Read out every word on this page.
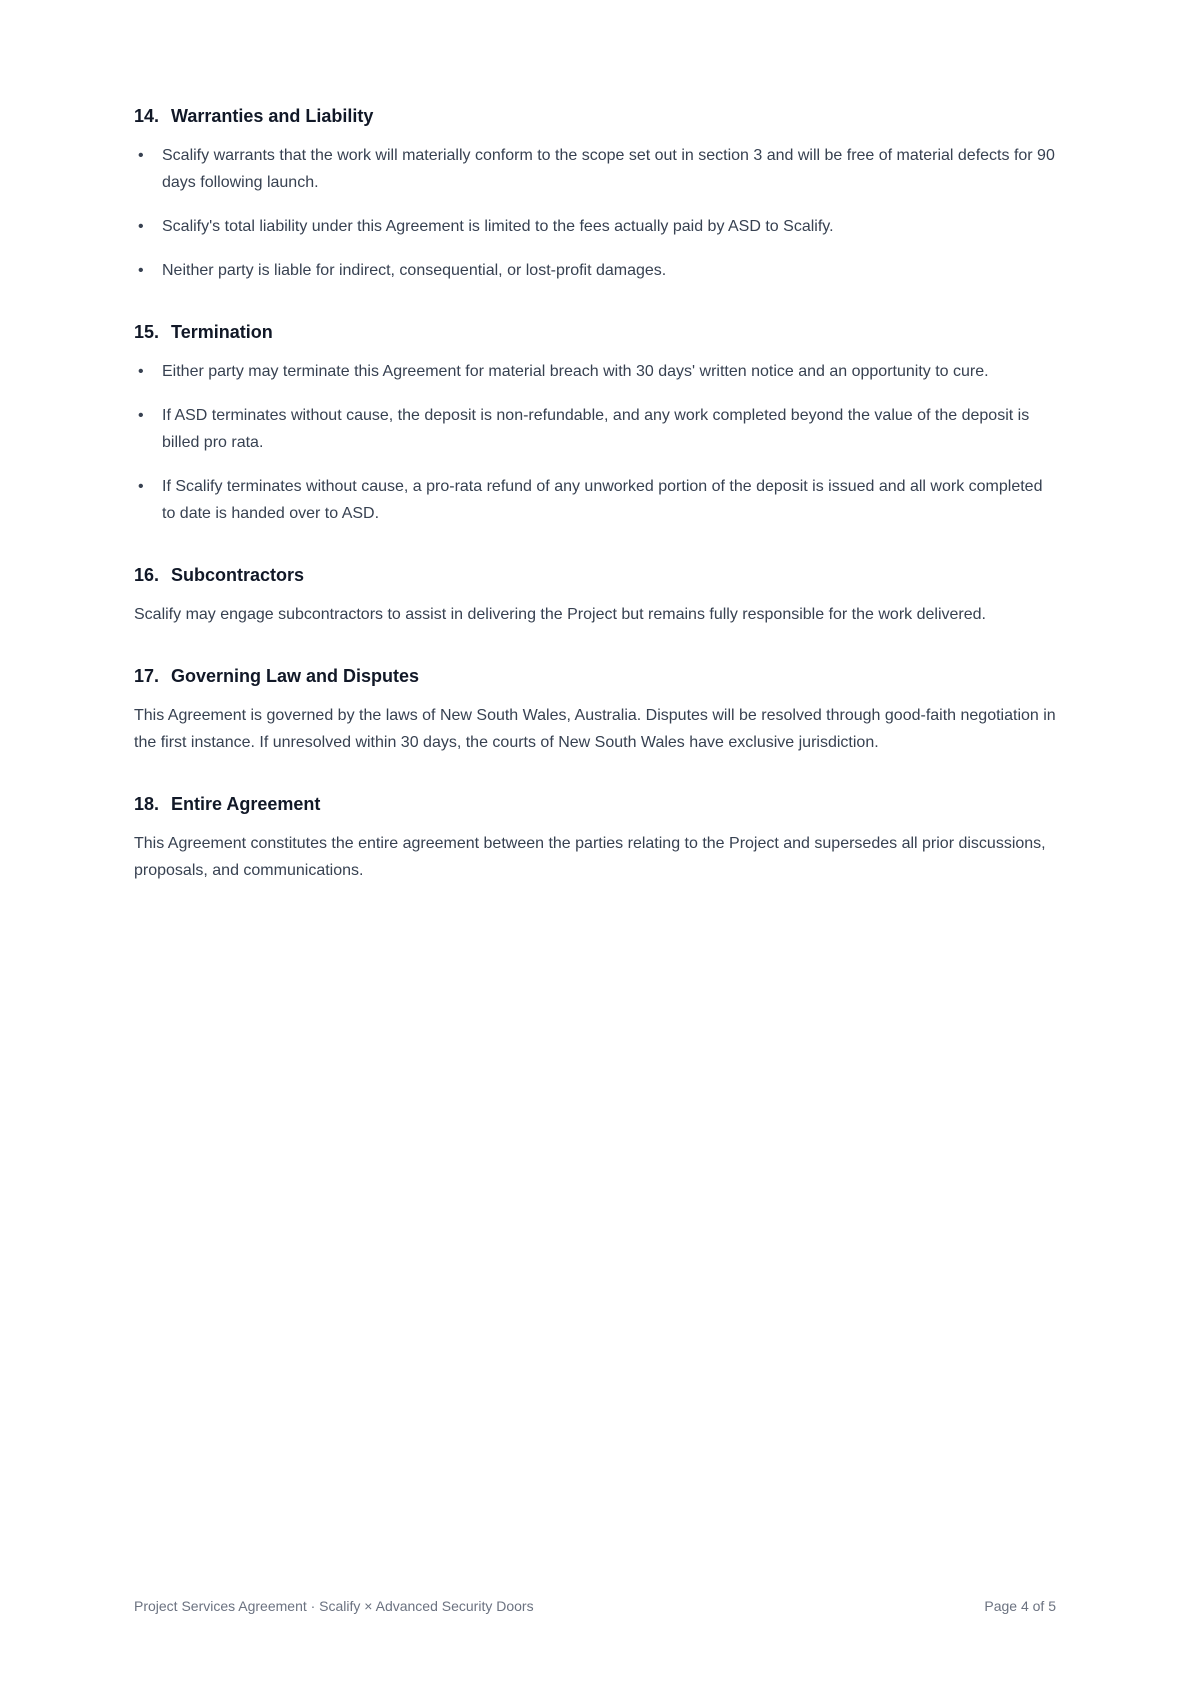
14. Warranties and Liability
• Scalify warrants that the work will materially conform to the scope set out in section 3 and will be free of material defects for 90 days following launch.
• Scalify's total liability under this Agreement is limited to the fees actually paid by ASD to Scalify.
• Neither party is liable for indirect, consequential, or lost-profit damages.
15. Termination
• Either party may terminate this Agreement for material breach with 30 days' written notice and an opportunity to cure.
• If ASD terminates without cause, the deposit is non-refundable, and any work completed beyond the value of the deposit is billed pro rata.
• If Scalify terminates without cause, a pro-rata refund of any unworked portion of the deposit is issued and all work completed to date is handed over to ASD.
16. Subcontractors

Scalify may engage subcontractors to assist in delivering the Project but remains fully responsible for the work delivered.

17. Governing Law and Disputes

This Agreement is governed by the laws of New South Wales, Australia. Disputes will be resolved through good-faith negotiation in the first instance. If unresolved within 30 days, the courts of New South Wales have exclusive jurisdiction.

18. Entire Agreement

This Agreement constitutes the entire agreement between the parties relating to the Project and supersedes all prior discussions, proposals, and communications.

Project Services Agreement · Scalify × Advanced Security Doors	Page 4 of 5
